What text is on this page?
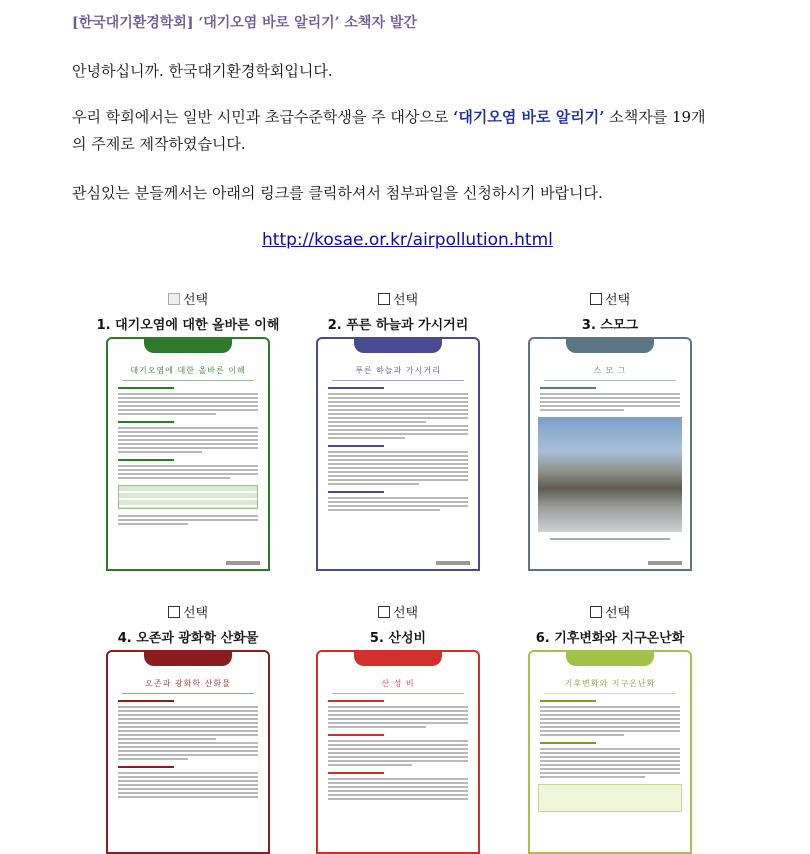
[한국대기환경학회] ‘대기오염 바로 알리기’ 소책자 발간
안녕하십니까. 한국대기환경학회입니다.
우리 학회에서는 일반 시민과 초급수준학생을 주 대상으로 ‘대기오염 바로 알리기’ 소책자를 19개의 주제로 제작하였습니다.
관심있는 분들께서는 아래의 링크를 클릭하셔서 첨부파일을 신청하시기 바랍니다.
http://kosae.or.kr/airpollution.html
선택
1. 대기오염에 대한 올바른 이해
대기오염에 대한 올바른 이해
선택
2. 푸른 하늘과 가시거리
푸른 하늘과 가시거리
선택
3. 스모그
스 모 그
선택
4. 오존과 광화학 산화물
오존과 광화학 산화물
선택
5. 산성비
산 성 비
선택
6. 기후변화와 지구온난화
기후변화와 지구온난화
